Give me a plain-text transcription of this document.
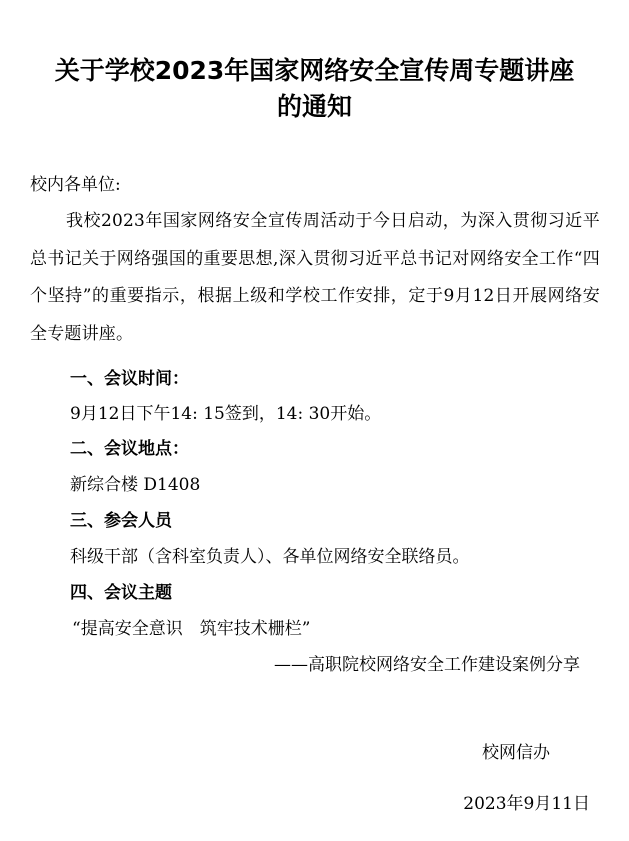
关于学校2023年国家网络安全宣传周专题讲座
的通知

校内各单位:

我校2023年国家网络安全宣传周活动于今日启动，为深入贯彻习近平总书记关于网络强国的重要思想,深入贯彻习近平总书记对网络安全工作“四个坚持”的重要指示，根据上级和学校工作安排，定于9月12日开展网络安全专题讲座。

一、会议时间：

9月12日下午14: 15签到，14: 30开始。

二、会议地点：

新综合楼 D1408

三、参会人员

科级干部（含科室负责人）、各单位网络安全联络员。

四、会议主题

“提高安全意识　筑牢技术栅栏”

——高职院校网络安全工作建设案例分享

校网信办

2023年9月11日
